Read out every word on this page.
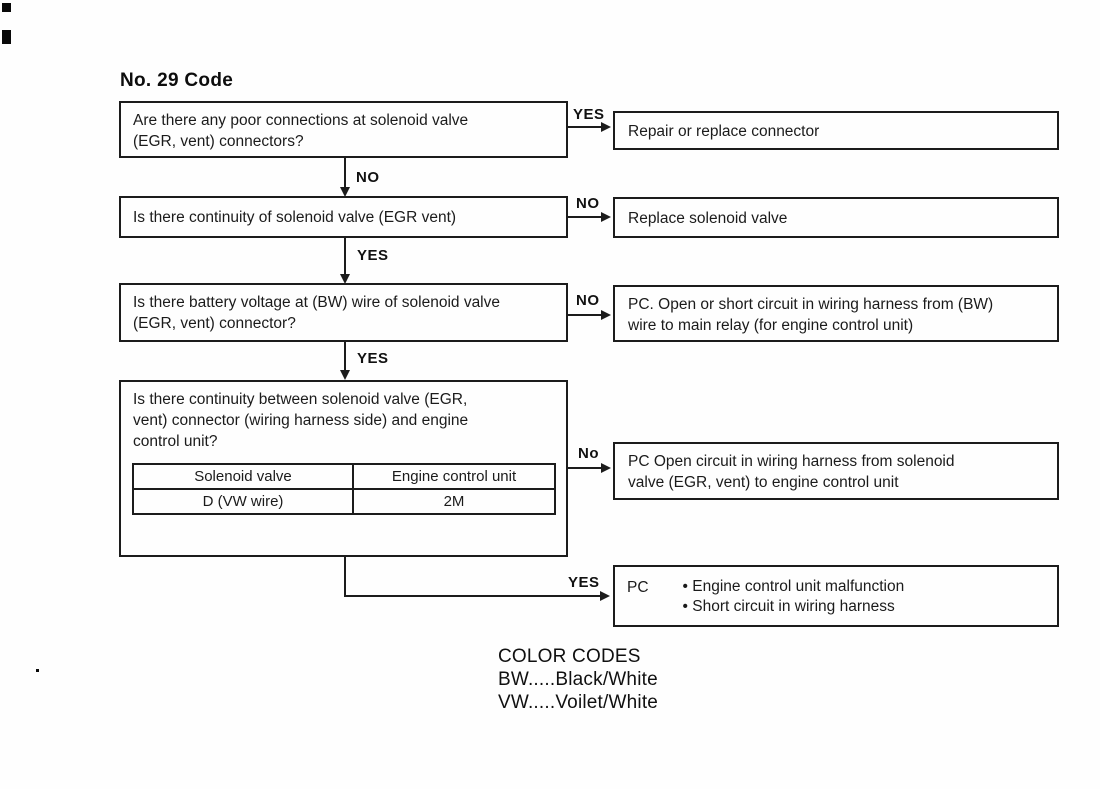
No. 29 Code
Are there any poor connections at solenoid valve
(EGR, vent) connectors?
Is there continuity of solenoid valve (EGR vent)
Is there battery voltage at (BW) wire of solenoid valve
(EGR, vent) connector?
Is there continuity between solenoid valve (EGR,
vent) connector (wiring harness side) and engine
control unit?
Solenoid valve	Engine control unit
D (VW wire)	2M
Repair or replace connector
Replace solenoid valve
PC. Open or short circuit in wiring harness from (BW)
wire to main relay (for engine control unit)
PC Open circuit in wiring harness from solenoid
valve (EGR, vent) to engine control unit
PC	• Engine control unit malfunction
• Short circuit in wiring harness
YES
NO
NO
YES
NO
YES
No
YES
COLOR CODES
BW.....Black/White
VW.....Voilet/White
